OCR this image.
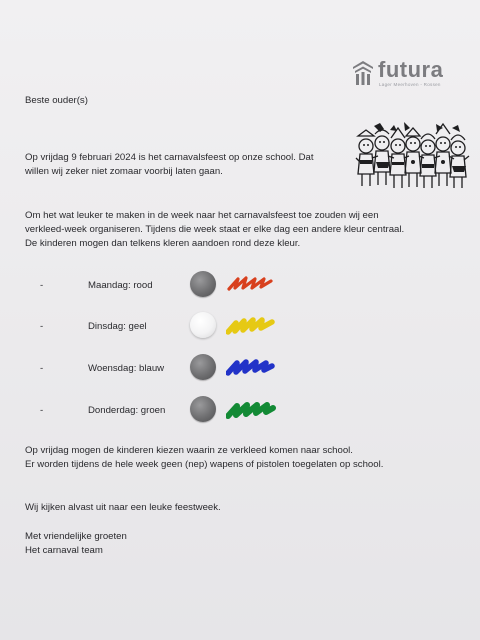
futura
Lager Meerhoven - Rossen
Beste ouder(s)
Op vrijdag 9 februari 2024 is het carnavalsfeest op onze school. Dat
willen wij zeker niet zomaar voorbij laten gaan.
Om het wat leuker te maken in de week naar het carnavalsfeest toe zouden wij een
verkleed-week organiseren. Tijdens die week staat er elke dag een andere kleur centraal.
De kinderen mogen dan telkens kleren aandoen rond deze kleur.
-	Maandag: rood
-	Dinsdag: geel
-	Woensdag: blauw
-	Donderdag: groen
Op vrijdag mogen de kinderen kiezen waarin ze verkleed komen naar school.
Er worden tijdens de hele week geen (nep) wapens of pistolen toegelaten op school.
Wij kijken alvast uit naar een leuke feestweek.
Met vriendelijke groeten
Het carnaval team
